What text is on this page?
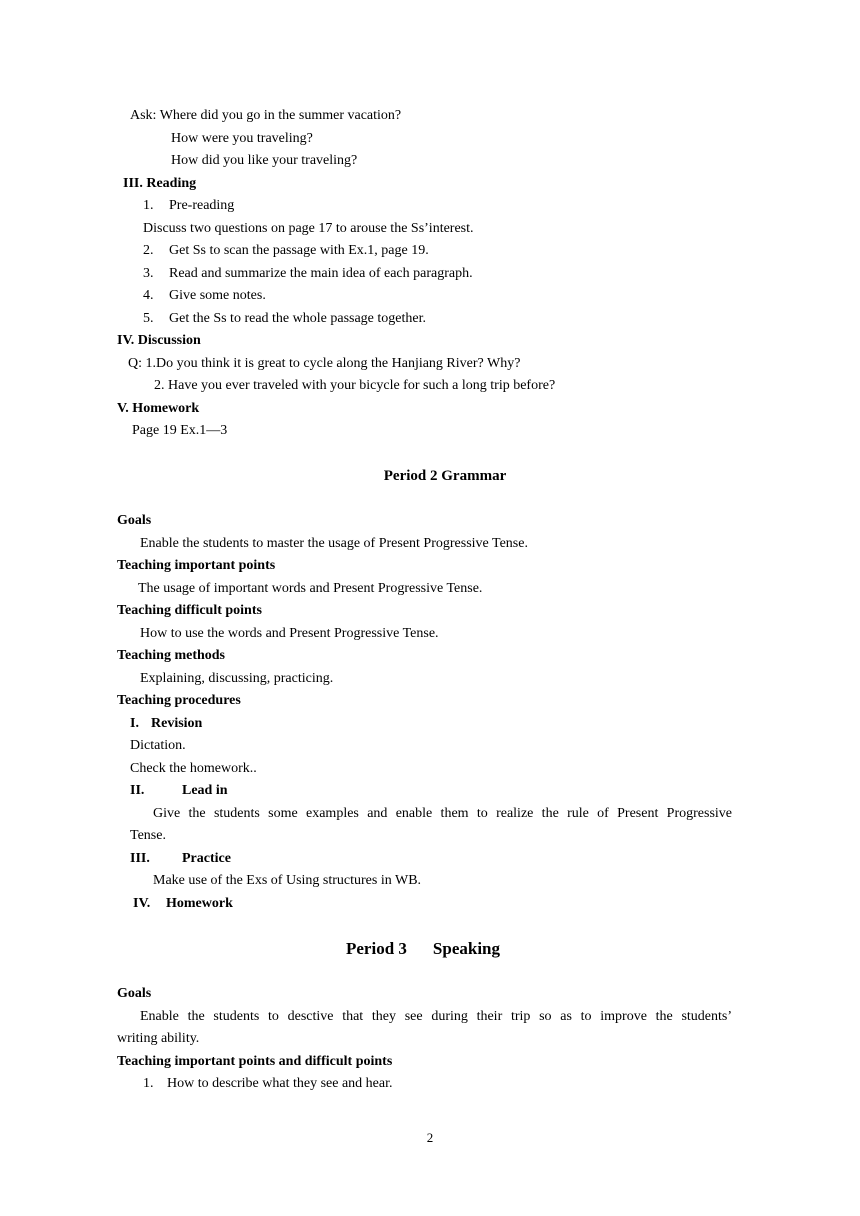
Ask: Where did you go in the summer vacation?
How were you traveling?
How did you like your traveling?
III. Reading
1. Pre-reading
Discuss two questions on page 17 to arouse the Ss’interest.
2. Get Ss to scan the passage with Ex.1, page 19.
3. Read and summarize the main idea of each paragraph.
4. Give some notes.
5. Get the Ss to read the whole passage together.
IV. Discussion
Q: 1.Do you think it is great to cycle along the Hanjiang River? Why?
2. Have you ever traveled with your bicycle for such a long trip before?
V. Homework
Page 19 Ex.1—3
Period 2 Grammar
Goals
Enable the students to master the usage of Present Progressive Tense.
Teaching important points
The usage of important words and Present Progressive Tense.
Teaching difficult points
How to use the words and Present Progressive Tense.
Teaching methods
Explaining, discussing, practicing.
Teaching procedures
I. Revision
Dictation.
Check the homework..
II.	Lead in
Give the students some examples and enable them to realize the rule of Present Progressive
Tense.
III. Practice
Make use of the Exs of Using structures in WB.
IV. Homework
Period 3 Speaking
Goals
Enable the students to desctive that they see during their trip so as to improve the students’
writing ability.
Teaching important points and difficult points
1. How to describe what they see and hear.
2
